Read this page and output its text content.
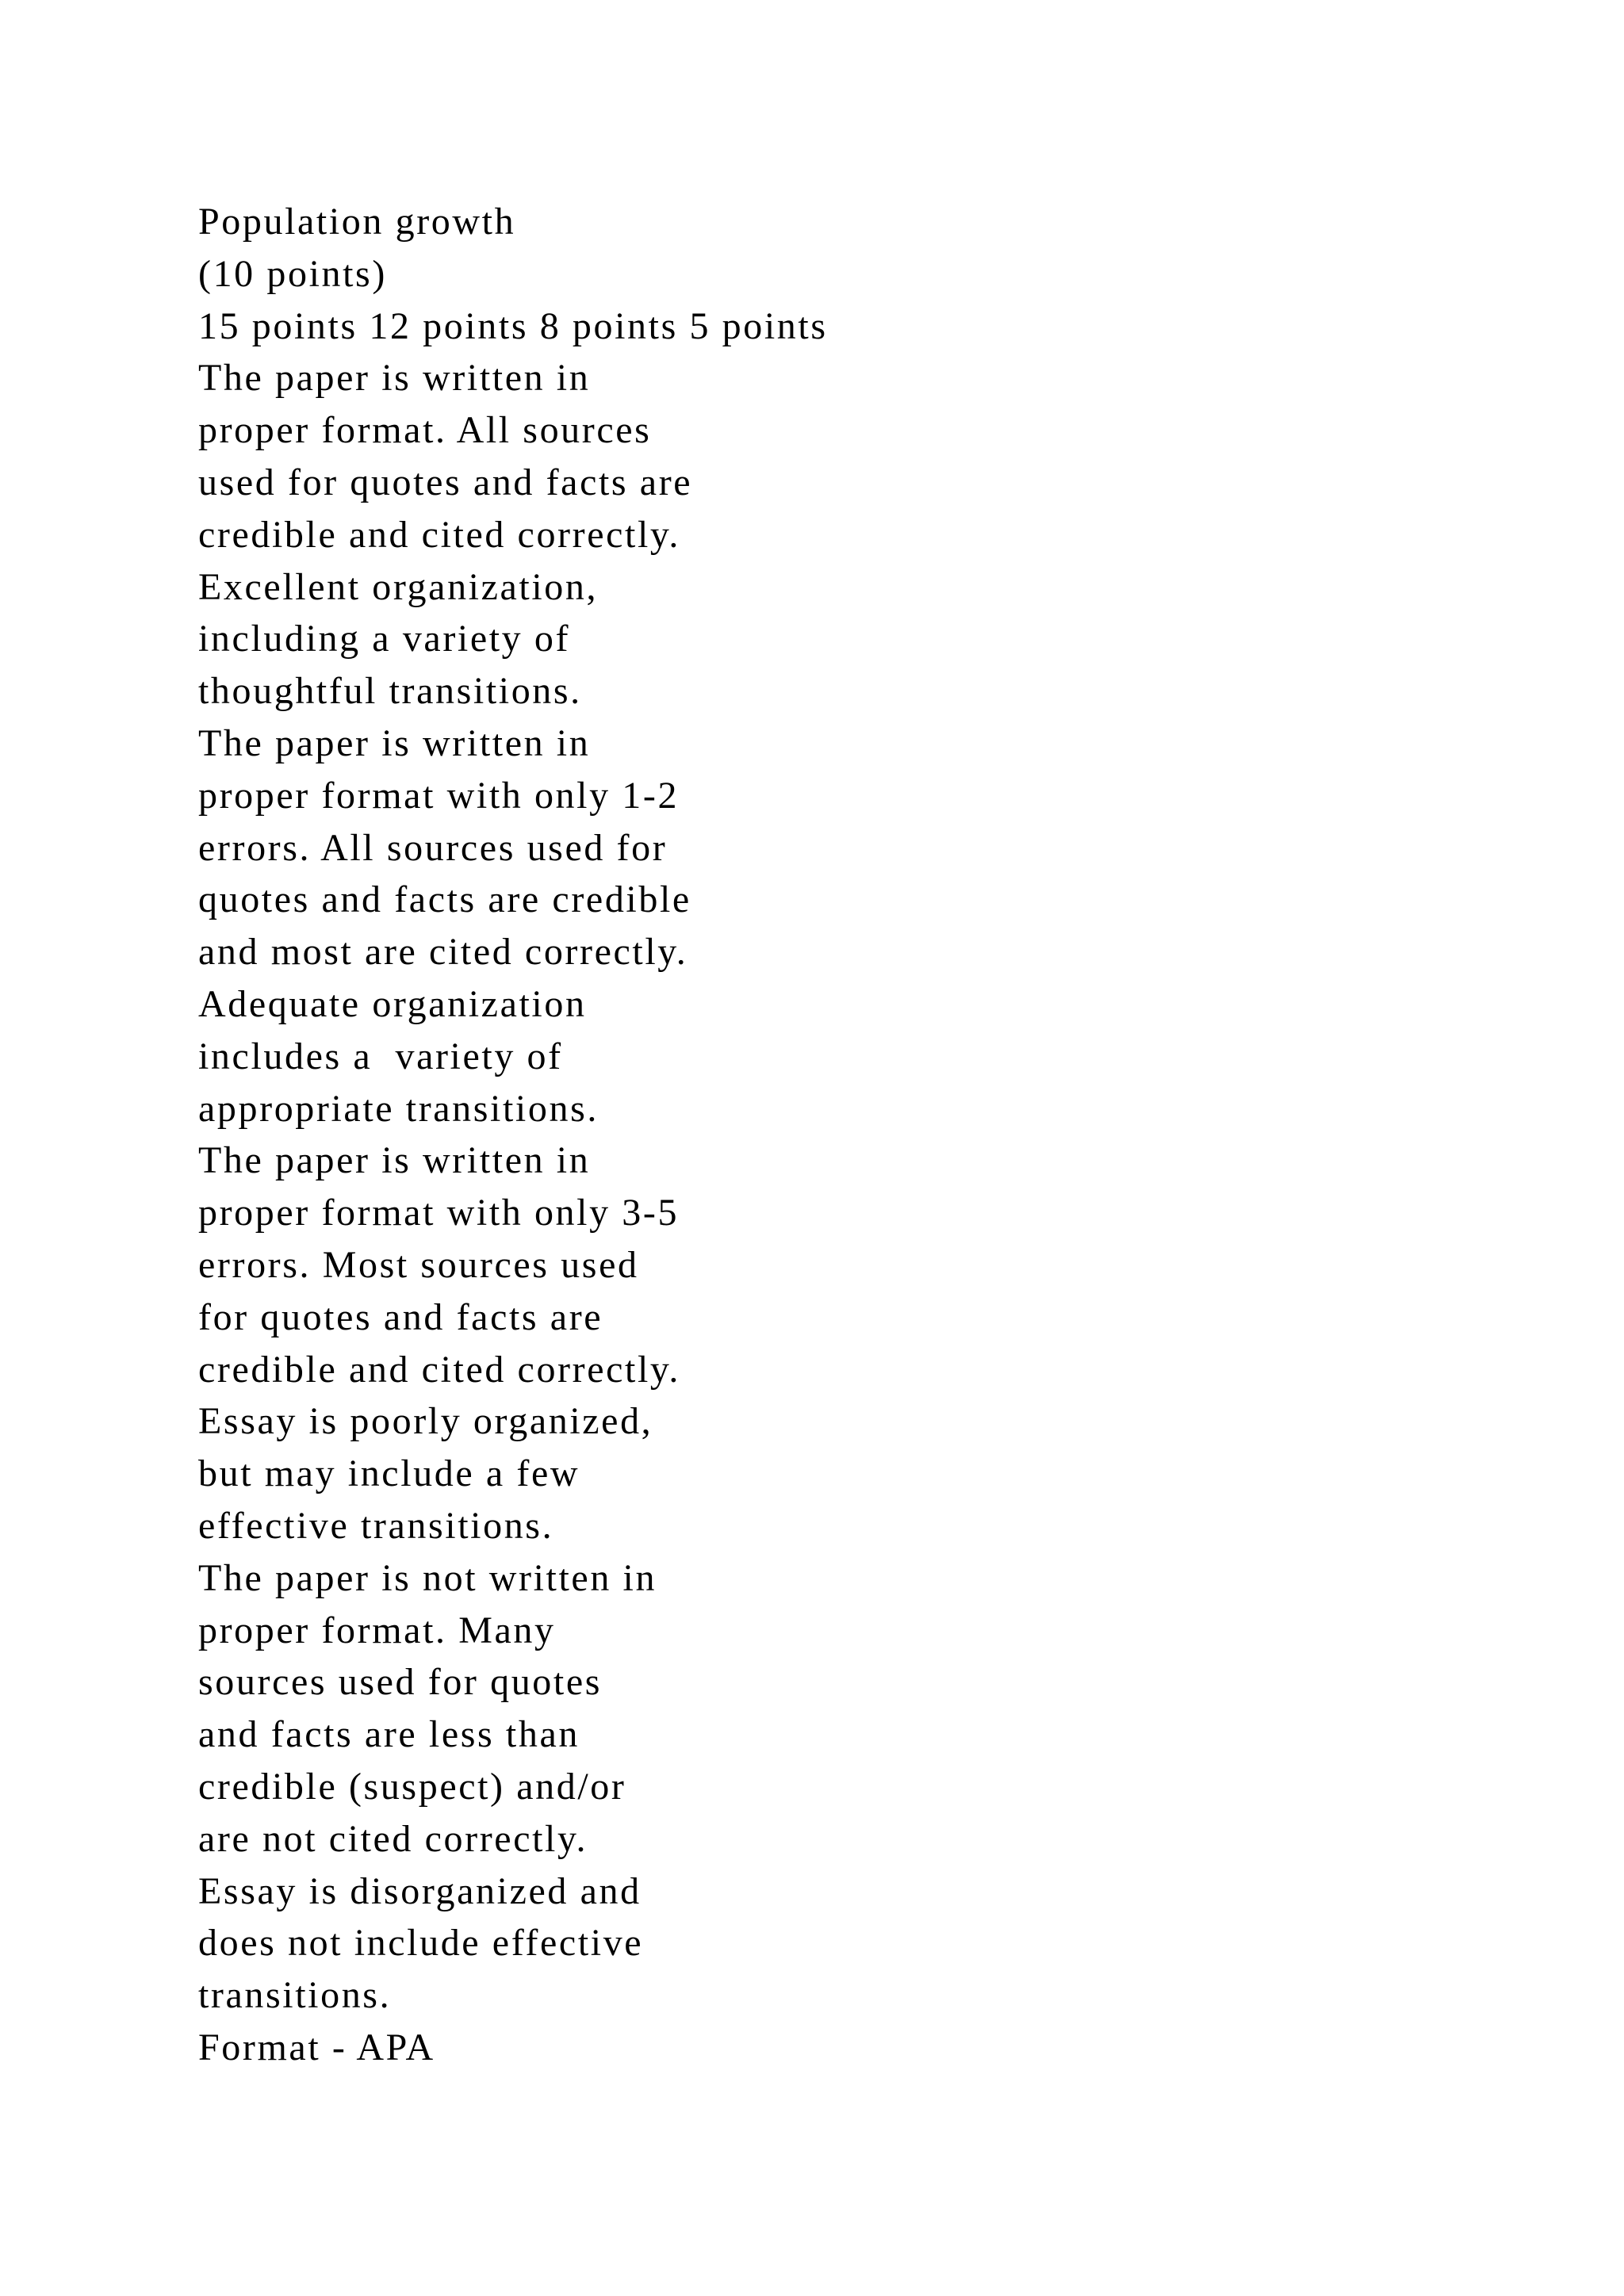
Population growth
(10 points)
15 points 12 points 8 points 5 points
The paper is written in
proper format. All sources
used for quotes and facts are
credible and cited correctly.
Excellent organization,
including a variety of
thoughtful transitions.
The paper is written in
proper format with only 1-2
errors. All sources used for
quotes and facts are credible
and most are cited correctly.
Adequate organization
includes a  variety of
appropriate transitions.
The paper is written in
proper format with only 3-5
errors. Most sources used
for quotes and facts are
credible and cited correctly.
Essay is poorly organized,
but may include a few
effective transitions.
The paper is not written in
proper format. Many
sources used for quotes
and facts are less than
credible (suspect) and/or
are not cited correctly.
Essay is disorganized and
does not include effective
transitions.
Format - APA
